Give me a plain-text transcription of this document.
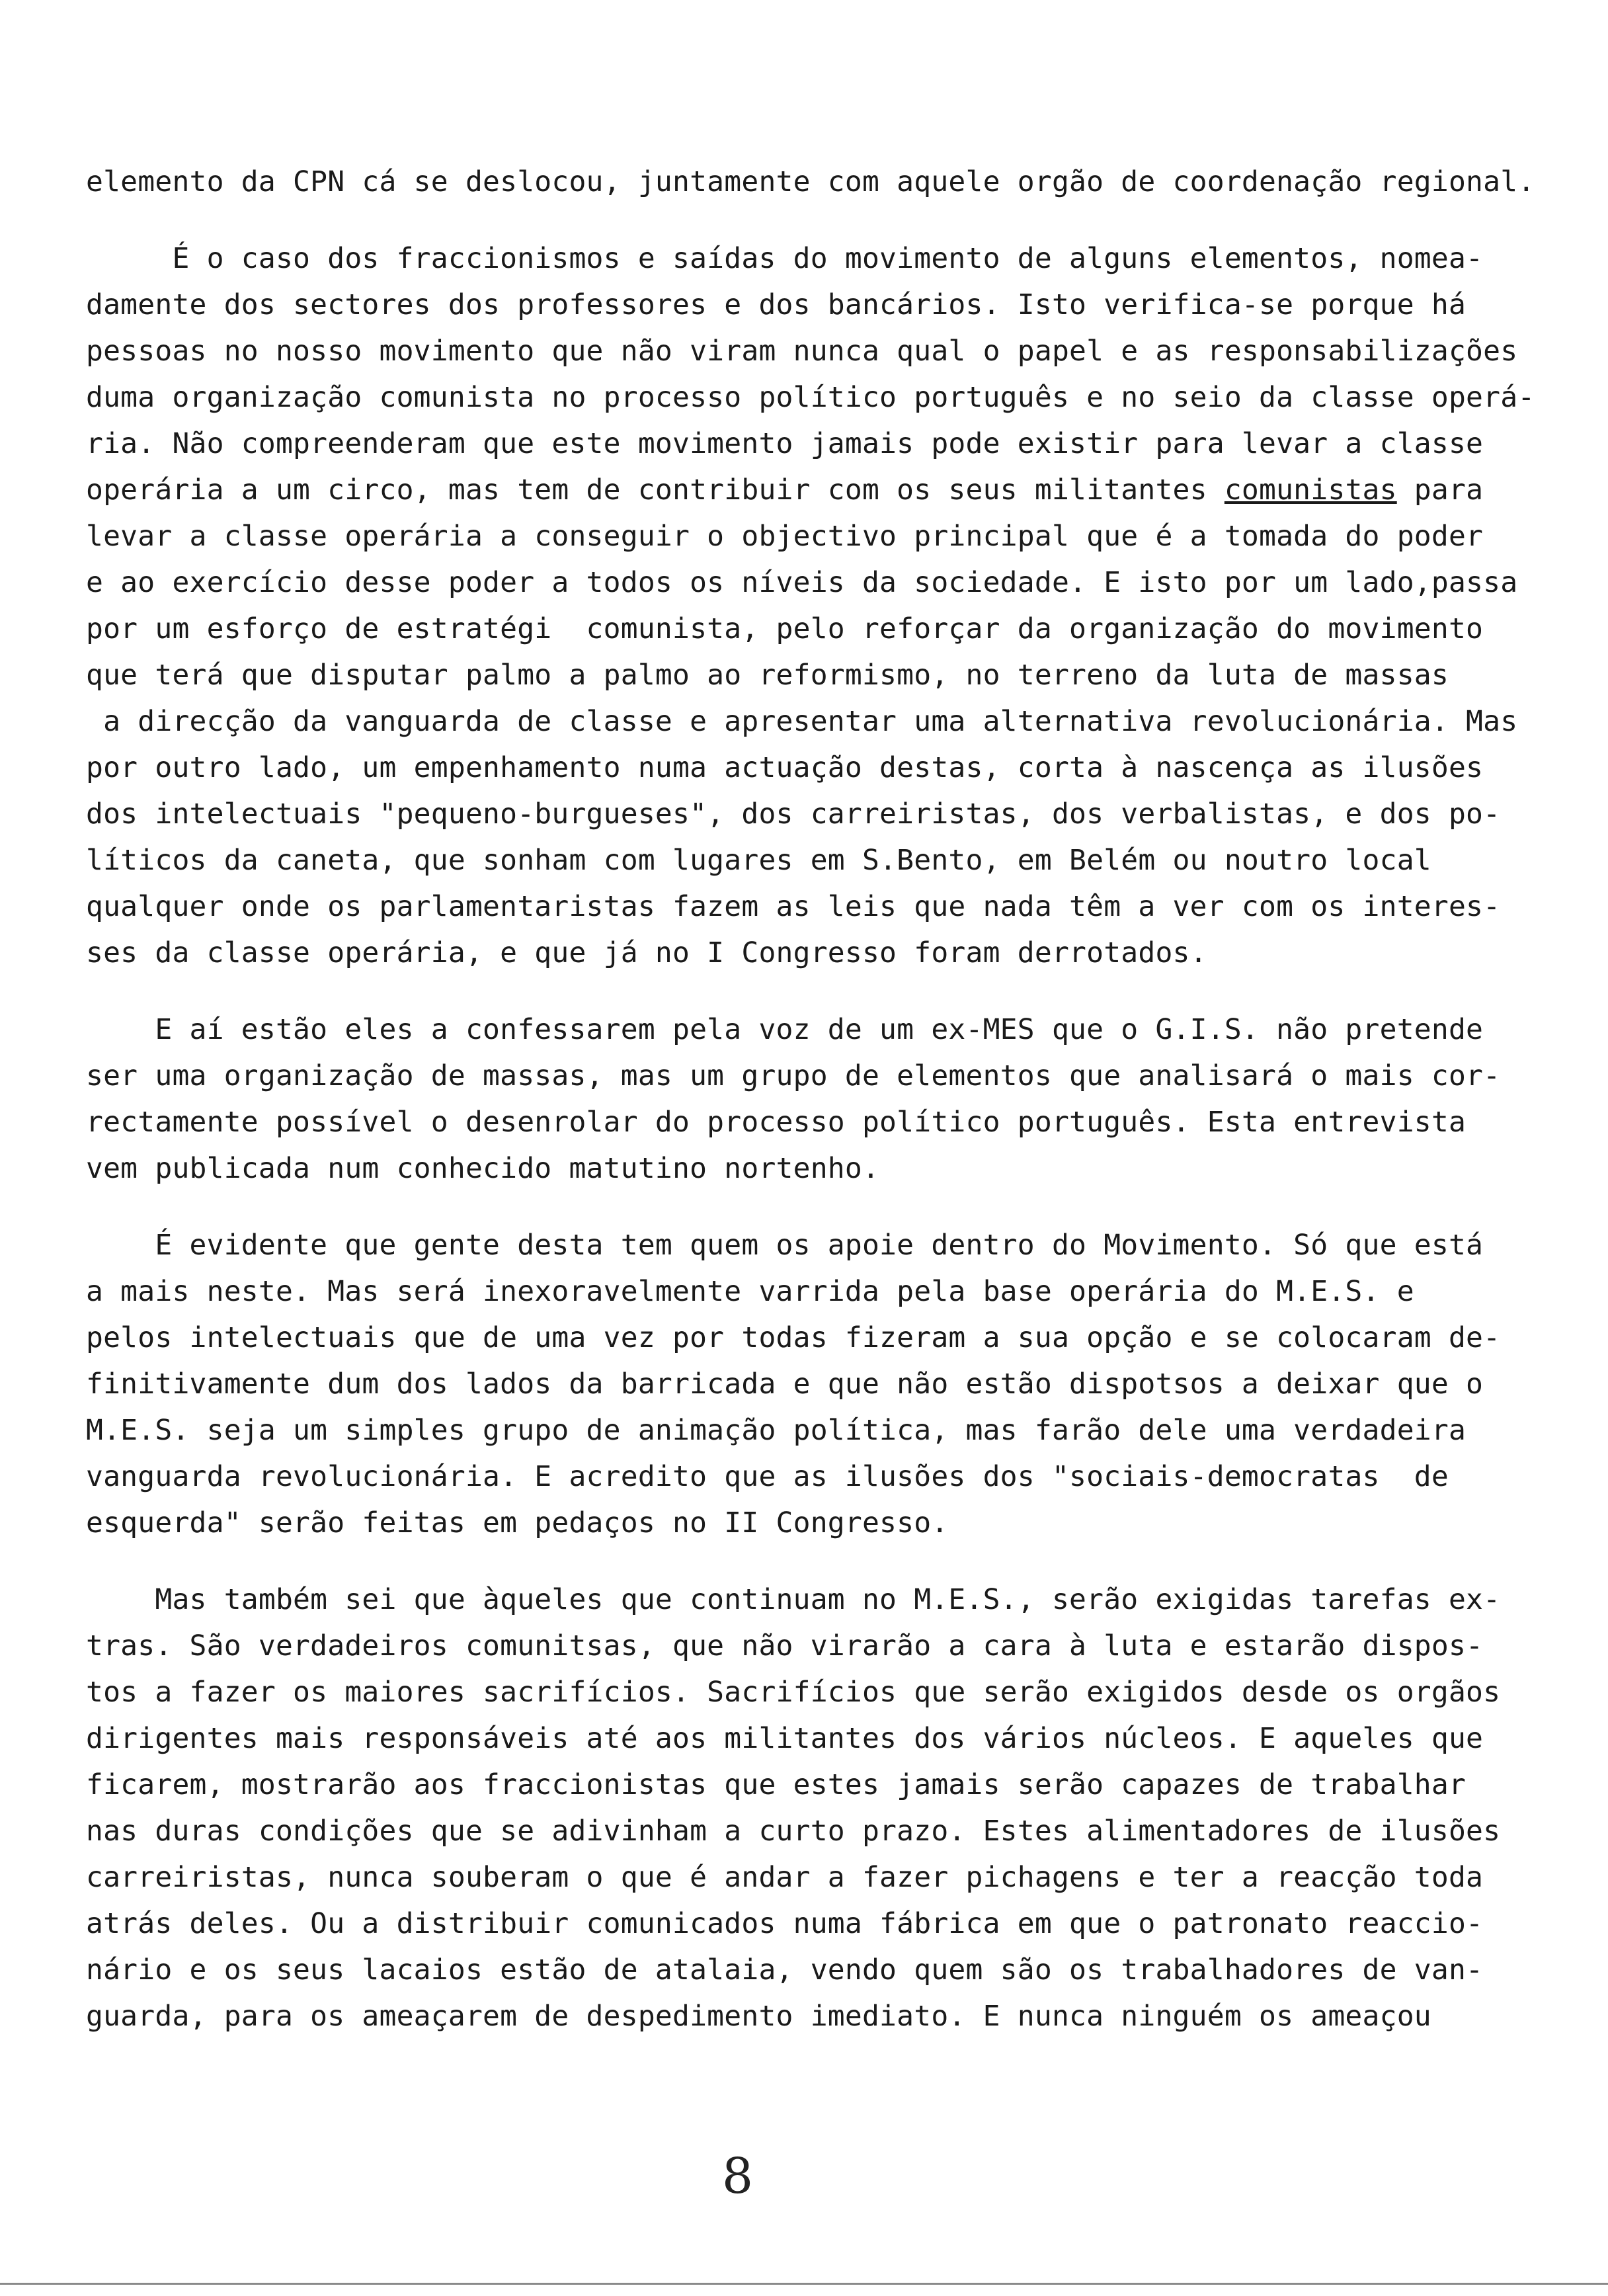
elemento da CPN cá se deslocou, juntamente com aquele orgão de coordenação regional.
É o caso dos fraccionismos e saídas do movimento de alguns elementos, nomea-
damente dos sectores dos professores e dos bancários. Isto verifica-se porque há
pessoas no nosso movimento que não viram nunca qual o papel e as responsabilizações
duma organização comunista no processo político português e no seio da classe operá-
ria. Não compreenderam que este movimento jamais pode existir para levar a classe
operária a um circo, mas tem de contribuir com os seus militantes comunistas para
levar a classe operária a conseguir o objectivo principal que é a tomada do poder
e ao exercício desse poder a todos os níveis da sociedade. E isto por um lado,passa
por um esforço de estratégi  comunista, pelo reforçar da organização do movimento
que terá que disputar palmo a palmo ao reformismo, no terreno da luta de massas
a direcção da vanguarda de classe e apresentar uma alternativa revolucionária. Mas
por outro lado, um empenhamento numa actuação destas, corta à nascença as ilusões
dos intelectuais "pequeno-burgueses", dos carreiristas, dos verbalistas, e dos po-
líticos da caneta, que sonham com lugares em S.Bento, em Belém ou noutro local
qualquer onde os parlamentaristas fazem as leis que nada têm a ver com os interes-
ses da classe operária, e que já no I Congresso foram derrotados.
E aí estão eles a confessarem pela voz de um ex-MES que o G.I.S. não pretende
ser uma organização de massas, mas um grupo de elementos que analisará o mais cor-
rectamente possível o desenrolar do processo político português. Esta entrevista
vem publicada num conhecido matutino nortenho.
É evidente que gente desta tem quem os apoie dentro do Movimento. Só que está
a mais neste. Mas será inexoravelmente varrida pela base operária do M.E.S. e
pelos intelectuais que de uma vez por todas fizeram a sua opção e se colocaram de-
finitivamente dum dos lados da barricada e que não estão dispotsos a deixar que o
M.E.S. seja um simples grupo de animação política, mas farão dele uma verdadeira
vanguarda revolucionária. E acredito que as ilusões dos "sociais-democratas  de
esquerda" serão feitas em pedaços no II Congresso.
Mas também sei que àqueles que continuam no M.E.S., serão exigidas tarefas ex-
tras. São verdadeiros comunitsas, que não virarão a cara à luta e estarão dispos-
tos a fazer os maiores sacrifícios. Sacrifícios que serão exigidos desde os orgãos
dirigentes mais responsáveis até aos militantes dos vários núcleos. E aqueles que
ficarem, mostrarão aos fraccionistas que estes jamais serão capazes de trabalhar
nas duras condições que se adivinham a curto prazo. Estes alimentadores de ilusões
carreiristas, nunca souberam o que é andar a fazer pichagens e ter a reacção toda
atrás deles. Ou a distribuir comunicados numa fábrica em que o patronato reaccio-
nário e os seus lacaios estão de atalaia, vendo quem são os trabalhadores de van-
guarda, para os ameaçarem de despedimento imediato. E nunca ninguém os ameaçou
8
